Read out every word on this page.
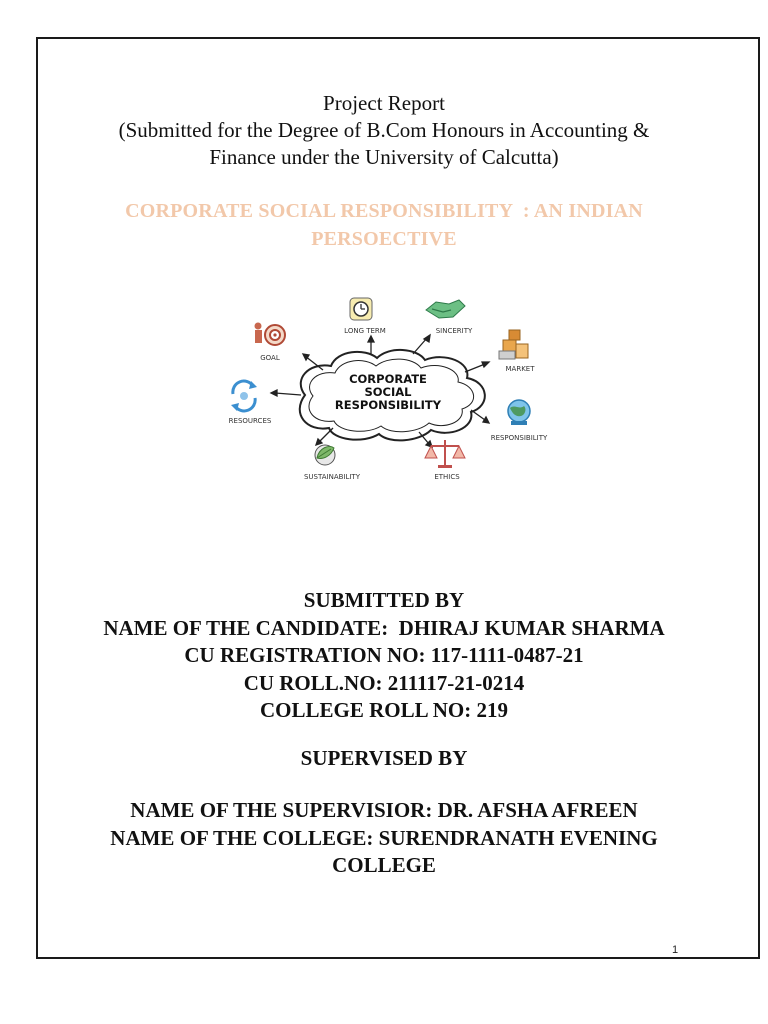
Project Report
(Submitted for the Degree of B.Com Honours in Accounting &
Finance under the University of Calcutta)
CORPORATE SOCIAL RESPONSIBILITY  : AN INDIAN
PERSOECTIVE
CORPORATE
SOCIAL
RESPONSIBILITY
GOAL
LONG TERM	SINCERITY
MARKET
RESOURCES
RESPONSIBILITY
SUSTAINABILITY	ETHICS
SUBMITTED BY
NAME OF THE CANDIDATE:  DHIRAJ KUMAR SHARMA
CU REGISTRATION NO: 117-1111-0487-21
CU ROLL.NO: 211117-21-0214
COLLEGE ROLL NO: 219
SUPERVISED BY
NAME OF THE SUPERVISIOR: DR. AFSHA AFREEN
NAME OF THE COLLEGE: SURENDRANATH EVENING
COLLEGE
1
